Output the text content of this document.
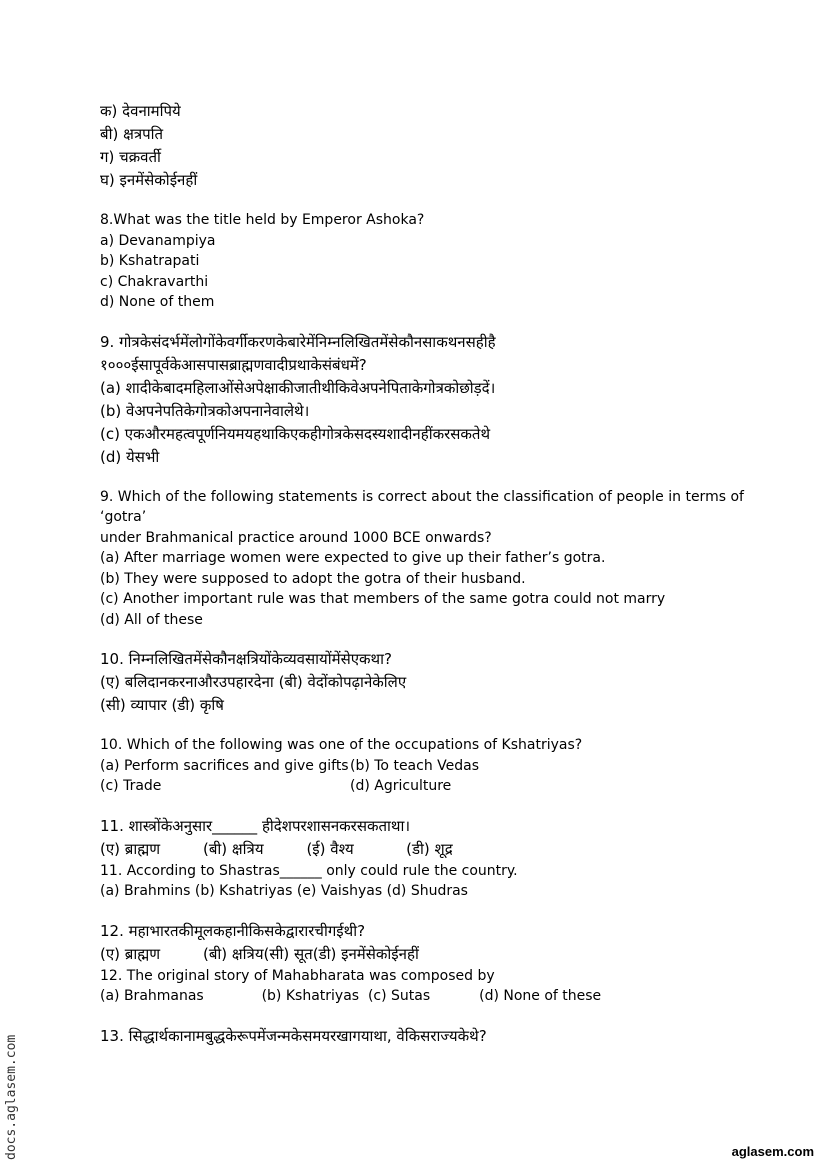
क) देवनामपिये
बी) क्षत्रपति
ग) चक्रवर्ती
घ) इनमेंसेकोईनहीं
8.What was the title held by Emperor Ashoka?
a) Devanampiya
b) Kshatrapati
c) Chakravarthi
d) None of them
9. गोत्रकेसंदर्भमेंलोगोंकेवर्गीकरणकेबारेमेंनिम्नलिखितमेंसेकौनसाकथनसहीहै
१०००ईसापूर्वकेआसपासब्राह्मणवादीप्रथाकेसंबंधमें?
(a) शादीकेबादमहिलाओंसेअपेक्षाकीजातीथीकिवेअपनेपिताकेगोत्रकोछोड़दें।
(b) वेअपनेपतिकेगोत्रकोअपनानेवालेथे।
(c) एकऔरमहत्वपूर्णनियमयहथाकिएकहीगोत्रकेसदस्यशादीनहींकरसकतेथे
(d) येसभी
9. Which of the following statements is correct about the classification of people in terms of
‘gotra’
under Brahmanical practice around 1000 BCE onwards?
(a) After marriage women were expected to give up their father’s gotra.
(b) They were supposed to adopt the gotra of their husband.
(c) Another important rule was that members of the same gotra could not marry
(d) All of these
10. निम्नलिखितमेंसेकौनक्षत्रियोंकेव्यवसायोंमेंसेएकथा?
(ए) बलिदानकरनाऔरउपहारदेना (बी) वेदोंकोपढ़ानेकेलिए
(सी) व्यापार (डी) कृषि
10. Which of the following was one of the occupations of Kshatriyas?
(a) Perform sacrifices and give gifts(b) To teach Vedas
(c) Trade	(d) Agriculture
11. शास्त्रोंकेअनुसार______ हीदेशपरशासनकरसकताथा।
(ए) ब्राह्मण         (बी) क्षत्रिय         (ई) वैश्य           (डी) शूद्र
11. According to Shastras______ only could rule the country.
(a) Brahmins (b) Kshatriyas (e) Vaishyas (d) Shudras
12. महाभारतकीमूलकहानीकिसकेद्वारारचीगईथी?
(ए) ब्राह्मण         (बी) क्षत्रिय(सी) सूत(डी) इनमेंसेकोईनहीं
12. The original story of Mahabharata was composed by
(a) Brahmanas             (b) Kshatriyas  (c) Sutas           (d) None of these
13. सिद्धार्थकानामबुद्धकेरूपमेंजन्मकेसमयरखागयाथा, वेकिसराज्यकेथे?
docs.aglasem.com	aglasem.com
